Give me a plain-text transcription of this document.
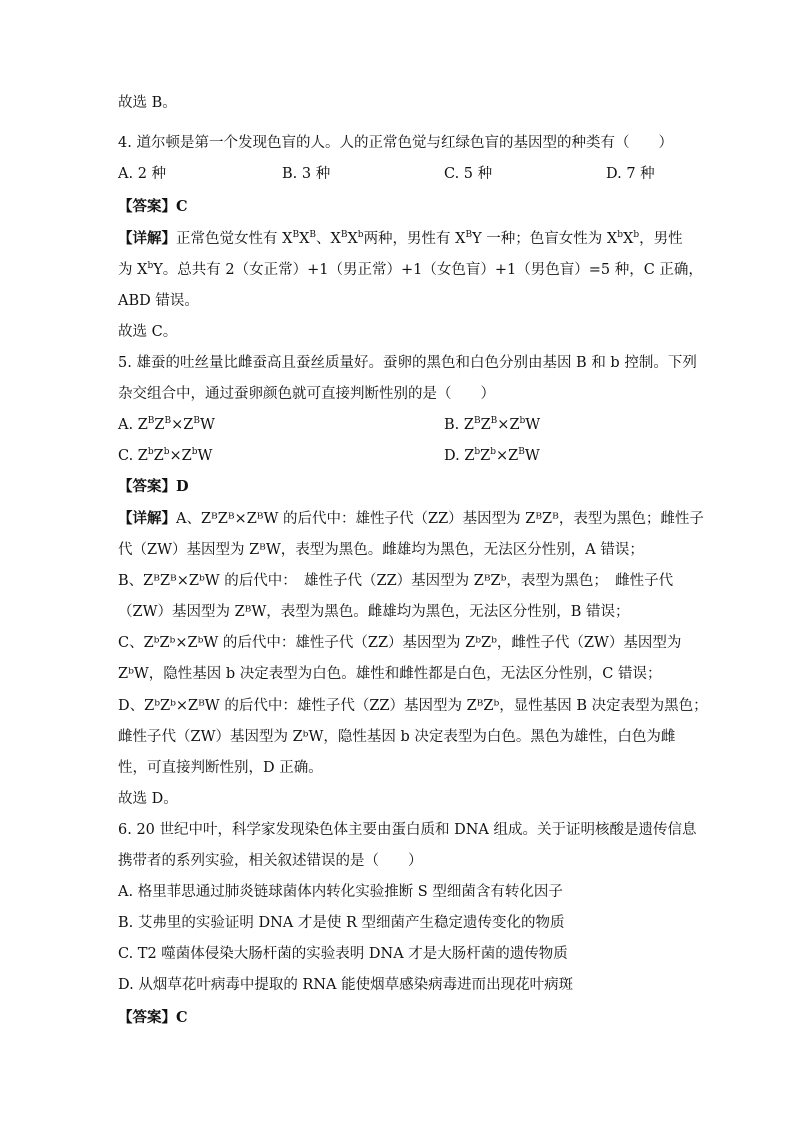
故选 B。
4. 道尔顿是第一个发现色盲的人。人的正常色觉与红绿色盲的基因型的种类有（　　）
A. 2 种	B. 3 种	C. 5 种	D. 7 种
【答案】C
【详解】正常色觉女性有 $X^BX^B$、$X^BX^b$两种，男性有 $X^BY$ 一种；色盲女性为 $X^bX^b$，男性
为 $X^bY$。总共有 2（女正常）+1（男正常）+1（女色盲）+1（男色盲）=5 种，C 正确，
ABD 错误。
故选 C。
5. 雄蚕的吐丝量比雌蚕高且蚕丝质量好。蚕卵的黑色和白色分别由基因 B 和 b 控制。下列
杂交组合中，通过蚕卵颜色就可直接判断性别的是（　　）
A. $Z^BZ^B\times Z^BW$	B. $Z^BZ^B\times Z^bW$
C. $Z^bZ^b\times Z^bW$	D. $Z^bZ^b\times Z^BW$
【答案】D
【详解】A、ZᴮZᴮ×ZᴮW 的后代中：雄性子代（ZZ）基因型为 ZᴮZᴮ，表型为黑色；雌性子
代（ZW）基因型为 ZᴮW，表型为黑色。雌雄均为黑色，无法区分性别，A 错误；
B、ZᴮZᴮ×ZᵇW 的后代中：　雄性子代（ZZ）基因型为 ZᴮZᵇ，表型为黑色；　雌性子代
（ZW）基因型为 ZᴮW，表型为黑色。雌雄均为黑色，无法区分性别，B 错误；
C、ZᵇZᵇ×ZᵇW 的后代中：雄性子代（ZZ）基因型为 ZᵇZᵇ，雌性子代（ZW）基因型为
ZᵇW，隐性基因 b 决定表型为白色。雄性和雌性都是白色，无法区分性别，C 错误；
D、ZᵇZᵇ×ZᴮW 的后代中：雄性子代（ZZ）基因型为 ZᴮZᵇ，显性基因 B 决定表型为黑色；
雌性子代（ZW）基因型为 ZᵇW，隐性基因 b 决定表型为白色。黑色为雄性，白色为雌
性，可直接判断性别，D 正确。
故选 D。
6. 20 世纪中叶，科学家发现染色体主要由蛋白质和 DNA 组成。关于证明核酸是遗传信息
携带者的系列实验，相关叙述错误的是（　　）
A. 格里菲思通过肺炎链球菌体内转化实验推断 S 型细菌含有转化因子
B. 艾弗里的实验证明 DNA 才是使 R 型细菌产生稳定遗传变化的物质
C. T2 噬菌体侵染大肠杆菌的实验表明 DNA 才是大肠杆菌的遗传物质
D. 从烟草花叶病毒中提取的 RNA 能使烟草感染病毒进而出现花叶病斑
【答案】C
